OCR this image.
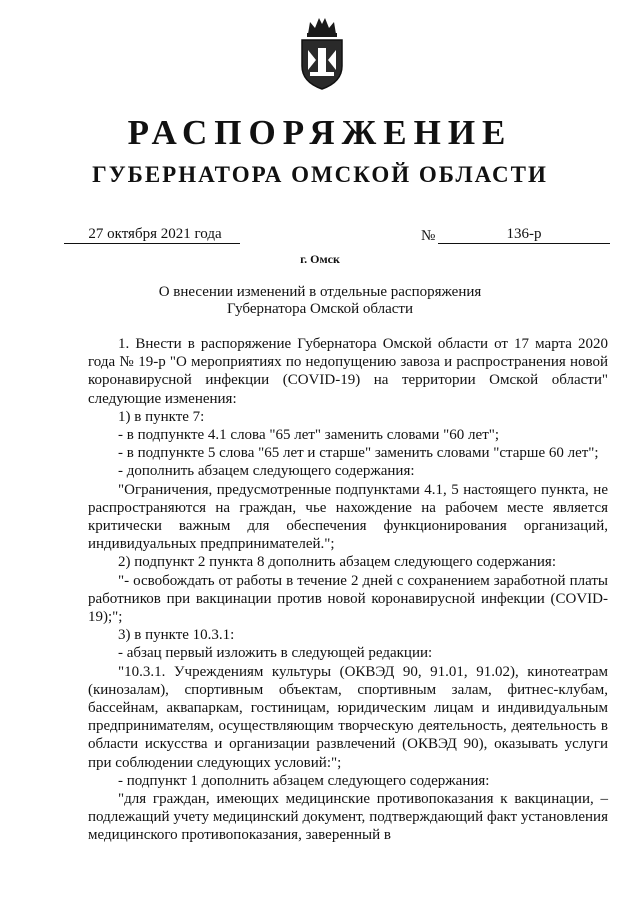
РАСПОРЯЖЕНИЕ
ГУБЕРНАТОРА ОМСКОЙ ОБЛАСТИ
27 октября 2021 года	№	136-р
г. Омск
О внесении изменений в отдельные распоряжения
Губернатора Омской области

1. Внести в распоряжение Губернатора Омской области от 17 марта 2020 года № 19-р "О мероприятиях по недопущению завоза и распространения новой коронавирусной инфекции (COVID-19) на территории Омской области" следующие изменения:

1) в пункте 7:

- в подпункте 4.1 слова "65 лет" заменить словами "60 лет";

- в подпункте 5 слова "65 лет и старше" заменить словами "старше 60 лет";

- дополнить абзацем следующего содержания:

"Ограничения, предусмотренные подпунктами 4.1, 5 настоящего пункта, не распространяются на граждан, чье нахождение на рабочем месте является критически важным для обеспечения функционирования организаций, индивидуальных предпринимателей.";

2) подпункт 2 пункта 8 дополнить абзацем следующего содержания:

"- освобождать от работы в течение 2 дней с сохранением заработной платы работников при вакцинации против новой коронавирусной инфекции (COVID-19);";

3) в пункте 10.3.1:

- абзац первый изложить в следующей редакции:

"10.3.1. Учреждениям культуры (ОКВЭД 90, 91.01, 91.02), кинотеатрам (кинозалам), спортивным объектам, спортивным залам, фитнес-клубам, бассейнам, аквапаркам, гостиницам, юридическим лицам и индивидуальным предпринимателям, осуществляющим творческую деятельность, деятельность в области искусства и организации развлечений (ОКВЭД 90), оказывать услуги при соблюдении следующих условий:";

- подпункт 1 дополнить абзацем следующего содержания:

"для граждан, имеющих медицинские противопоказания к вакцинации, – подлежащий учету медицинский документ, подтверждающий факт установления медицинского противопоказания, заверенный в
